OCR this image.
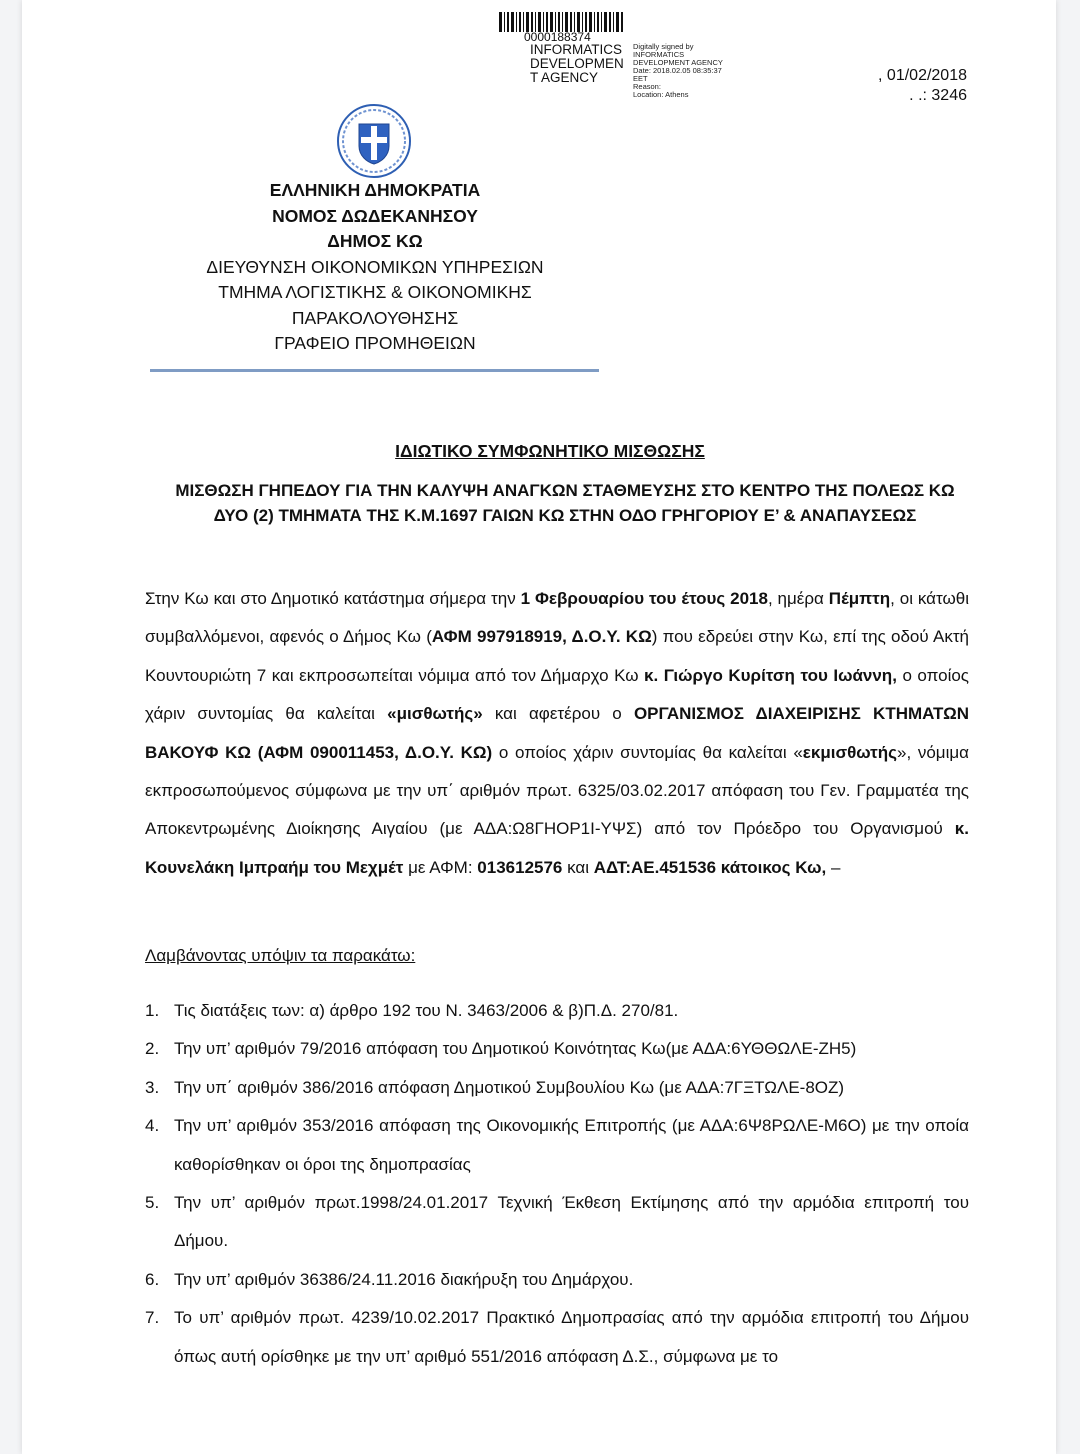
0000188374
INFORMATICS
DEVELOPMEN
T AGENCY
Digitally signed by
INFORMATICS
DEVELOPMENT AGENCY
Date: 2018.02.05 08:35:37
EET
Reason:
Location: Athens
, 01/02/2018
. .: 3246
ΕΛΛΗΝΙΚΗ ΔΗΜΟΚΡΑΤΙΑ
ΝΟΜΟΣ ΔΩΔΕΚΑΝΗΣΟΥ
ΔΗΜΟΣ ΚΩ
ΔΙΕΥΘΥΝΣΗ ΟΙΚΟΝΟΜΙΚΩΝ ΥΠΗΡΕΣΙΩΝ
ΤΜΗΜΑ ΛΟΓΙΣΤΙΚΗΣ & ΟΙΚΟΝΟΜΙΚΗΣ
ΠΑΡΑΚΟΛΟΥΘΗΣΗΣ
ΓΡΑΦΕΙΟ ΠΡΟΜΗΘΕΙΩΝ
ΙΔΙΩΤΙΚΟ ΣΥΜΦΩΝΗΤΙΚΟ ΜΙΣΘΩΣΗΣ
ΜΙΣΘΩΣΗ ΓΗΠΕΔΟΥ ΓΙΑ ΤΗΝ ΚΑΛΥΨΗ ΑΝΑΓΚΩΝ ΣΤΑΘΜΕΥΣΗΣ ΣΤΟ ΚΕΝΤΡΟ ΤΗΣ ΠΟΛΕΩΣ ΚΩ
ΔΥΟ (2) ΤΜΗΜΑΤΑ ΤΗΣ Κ.Μ.1697 ΓΑΙΩΝ ΚΩ ΣΤΗΝ ΟΔΟ ΓΡΗΓΟΡΙΟΥ Ε’ & ΑΝΑΠΑΥΣΕΩΣ
Στην Κω και στο Δημοτικό κατάστημα σήμερα την 1 Φεβρουαρίου του έτους 2018, ημέρα Πέμπτη, οι κάτωθι συμβαλλόμενοι, αφενός ο Δήμος Κω (ΑΦΜ 997918919, Δ.Ο.Υ. ΚΩ) που εδρεύει στην Κω, επί της οδού Ακτή Κουντουριώτη 7 και εκπροσωπείται νόμιμα από τον Δήμαρχο Κω κ. Γιώργο Κυρίτση του Ιωάννη, ο οποίος χάριν συντομίας θα καλείται «μισθωτής» και αφετέρου ο ΟΡΓΑΝΙΣΜΟΣ ΔΙΑΧΕΙΡΙΣΗΣ ΚΤΗΜΑΤΩΝ ΒΑΚΟΥΦ ΚΩ (ΑΦΜ 090011453, Δ.Ο.Υ. ΚΩ) ο οποίος χάριν συντομίας θα καλείται «εκμισθωτής», νόμιμα εκπροσωπούμενος σύμφωνα με την υπ΄ αριθμόν πρωτ. 6325/03.02.2017 απόφαση του Γεν. Γραμματέα της Αποκεντρωμένης Διοίκησης Αιγαίου (με ΑΔΑ:Ω8ΓΗΟΡ1Ι-ΥΨΣ) από τον Πρόεδρο του Οργανισμού κ. Κουνελάκη Ιμπραήμ του Μεχμέτ με ΑΦΜ: 013612576 και ΑΔΤ:ΑΕ.451536 κάτοικος Κω, –
Λαμβάνοντας υπόψιν τα παρακάτω:
1. Τις διατάξεις των: α) άρθρο 192 του Ν. 3463/2006 & β)Π.Δ. 270/81.
2. Την υπ’ αριθμόν 79/2016 απόφαση του Δημοτικού Κοινότητας Κω(με ΑΔΑ:6ΥΘΘΩΛΕ-ΖΗ5)
3. Την υπ΄ αριθμόν 386/2016 απόφαση Δημοτικού Συμβουλίου Κω (με ΑΔΑ:7ΓΞΤΩΛΕ-8ΟΖ)
4. Την υπ’ αριθμόν 353/2016 απόφαση της Οικονομικής Επιτροπής (με ΑΔΑ:6Ψ8ΡΩΛΕ-Μ6Ο) με την οποία καθορίσθηκαν οι όροι της δημοπρασίας
5. Την υπ’ αριθμόν πρωτ.1998/24.01.2017 Τεχνική Έκθεση Εκτίμησης από την αρμόδια επιτροπή του Δήμου.
6. Την υπ’ αριθμόν 36386/24.11.2016 διακήρυξη του Δημάρχου.
7. Το υπ’ αριθμόν πρωτ. 4239/10.02.2017 Πρακτικό Δημοπρασίας από την αρμόδια επιτροπή του Δήμου όπως αυτή ορίσθηκε με την υπ’ αριθμό 551/2016 απόφαση Δ.Σ., σύμφωνα με το
